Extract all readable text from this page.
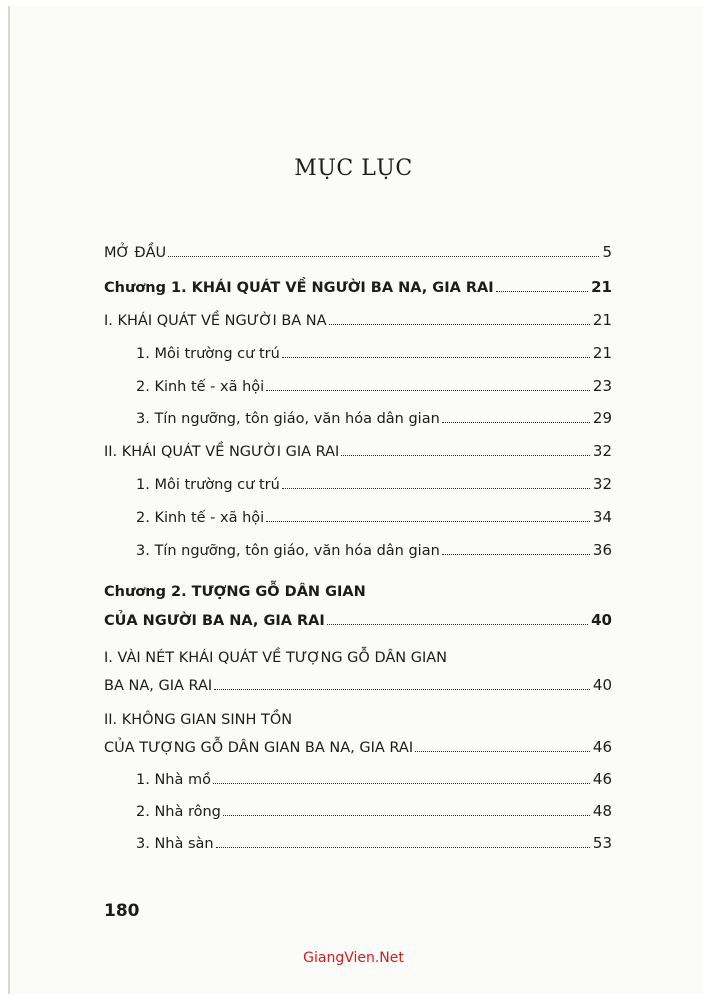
MỤC LỤC
MỞ ĐẦU	5
Chương 1. KHÁI QUÁT VỀ NGƯỜI BA NA, GIA RAI	21
I. KHÁI QUÁT VỀ NGƯỜI BA NA	21
1. Môi trường cư trú	21
2. Kinh tế - xã hội	23
3. Tín ngưỡng, tôn giáo, văn hóa dân gian	29
II. KHÁI QUÁT VỀ NGƯỜI GIA RAI	32
1. Môi trường cư trú	32
2. Kinh tế - xã hội	34
3. Tín ngưỡng, tôn giáo, văn hóa dân gian	36
Chương 2. TƯỢNG GỖ DÂN GIAN
CỦA NGƯỜI BA NA, GIA RAI	40
I. VÀI NÉT KHÁI QUÁT VỀ TƯỢNG GỖ DÂN GIAN
BA NA, GIA RAI	40
II. KHÔNG GIAN SINH TỒN
CỦA TƯỢNG GỖ DÂN GIAN BA NA, GIA RAI	46
1. Nhà mồ	46
2. Nhà rông	48
3. Nhà sàn	53
180
GiangVien.Net
